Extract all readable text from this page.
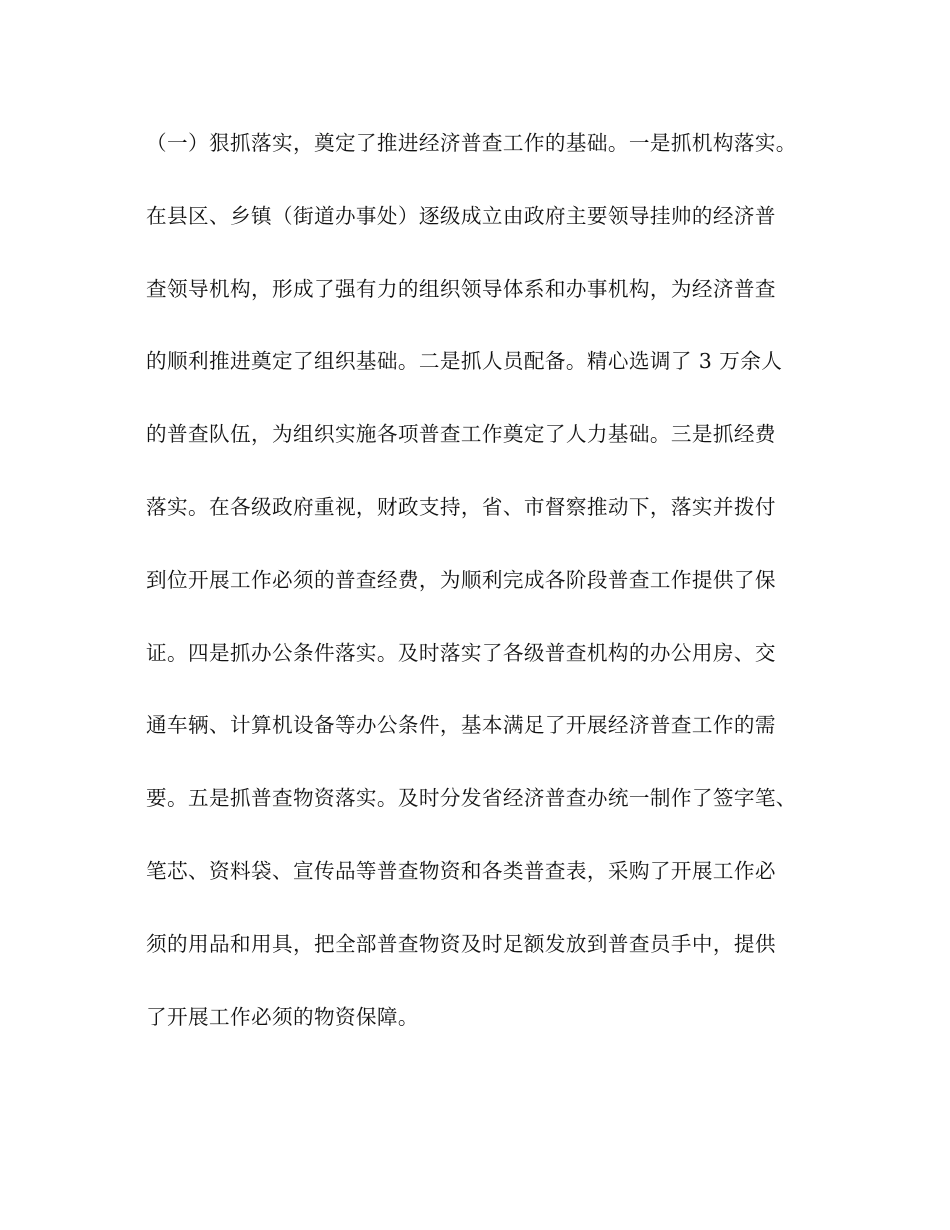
（一）狠抓落实，奠定了推进经济普查工作的基础。一是抓机构落实。
在县区、乡镇（街道办事处）逐级成立由政府主要领导挂帅的经济普
查领导机构，形成了强有力的组织领导体系和办事机构，为经济普查
的顺利推进奠定了组织基础。二是抓人员配备。精心选调了 3 万余人
的普查队伍，为组织实施各项普查工作奠定了人力基础。三是抓经费
落实。在各级政府重视，财政支持，省、市督察推动下，落实并拨付
到位开展工作必须的普查经费，为顺利完成各阶段普查工作提供了保
证。四是抓办公条件落实。及时落实了各级普查机构的办公用房、交
通车辆、计算机设备等办公条件，基本满足了开展经济普查工作的需
要。五是抓普查物资落实。及时分发省经济普查办统一制作了签字笔、
笔芯、资料袋、宣传品等普查物资和各类普查表，采购了开展工作必
须的用品和用具，把全部普查物资及时足额发放到普查员手中，提供
了开展工作必须的物资保障。
